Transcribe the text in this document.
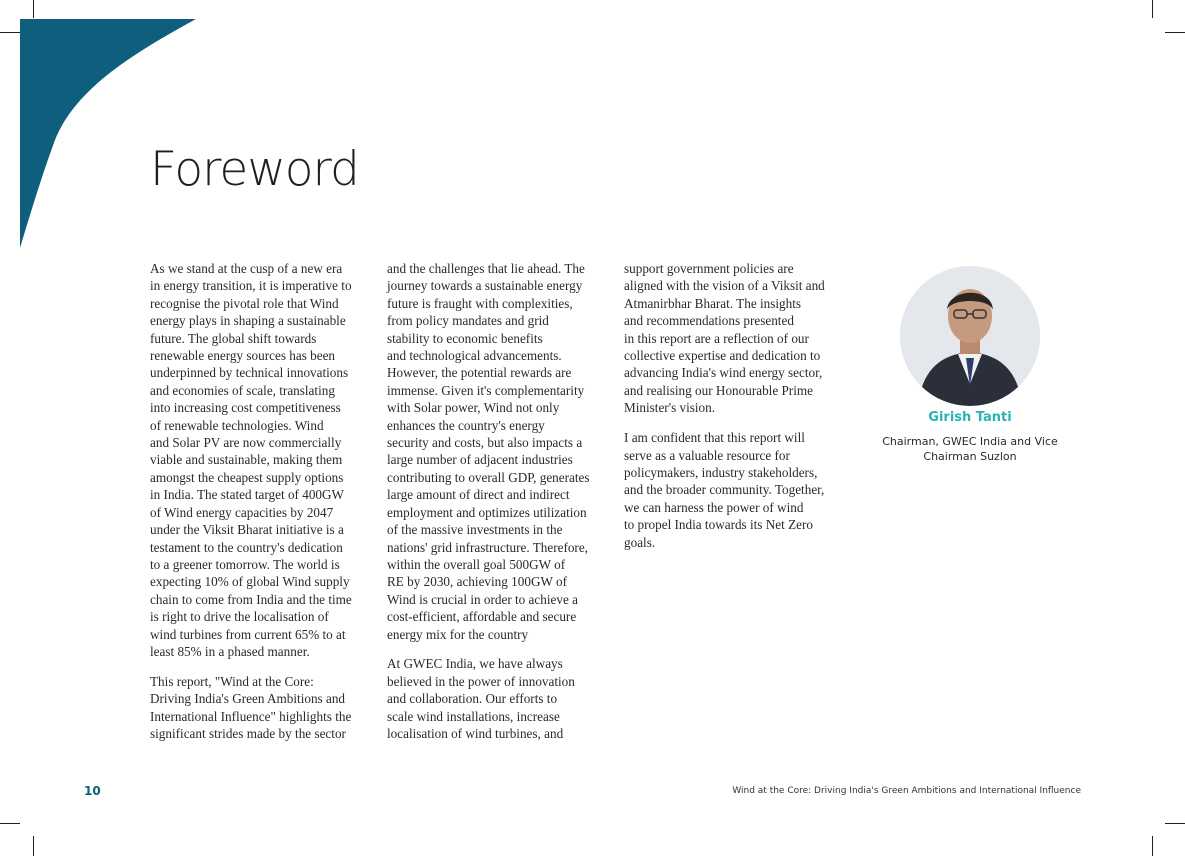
Foreword

As we stand at the cusp of a new era
in energy transition, it is imperative to
recognise the pivotal role that Wind
energy plays in shaping a sustainable
future. The global shift towards
renewable energy sources has been
underpinned by technical innovations
and economies of scale, translating
into increasing cost competitiveness
of renewable technologies. Wind
and Solar PV are now commercially
viable and sustainable, making them
amongst the cheapest supply options
in India. The stated target of 400GW
of Wind energy capacities by 2047
under the Viksit Bharat initiative is a
testament to the country's dedication
to a greener tomorrow. The world is
expecting 10% of global Wind supply
chain to come from India and the time
is right to drive the localisation of
wind turbines from current 65% to at
least 85% in a phased manner.

This report, "Wind at the Core:
Driving India's Green Ambitions and
International Influence" highlights the
significant strides made by the sector

and the challenges that lie ahead. The
journey towards a sustainable energy
future is fraught with complexities,
from policy mandates and grid
stability to economic benefits
and technological advancements.
However, the potential rewards are
immense. Given it's complementarity
with Solar power, Wind not only
enhances the country's energy
security and costs, but also impacts a
large number of adjacent industries
contributing to overall GDP, generates
large amount of direct and indirect
employment and optimizes utilization
of the massive investments in the
nations' grid infrastructure. Therefore,
within the overall goal 500GW of
RE by 2030, achieving 100GW of
Wind is crucial in order to achieve a
cost-efficient, affordable and secure
energy mix for the country

At GWEC India, we have always
believed in the power of innovation
and collaboration. Our efforts to
scale wind installations, increase
localisation of wind turbines, and

support government policies are
aligned with the vision of a Viksit and
Atmanirbhar Bharat. The insights
and recommendations presented
in this report are a reflection of our
collective expertise and dedication to
advancing India's wind energy sector,
and realising our Honourable Prime
Minister's vision.

I am confident that this report will
serve as a valuable resource for
policymakers, industry stakeholders,
and the broader community. Together,
we can harness the power of wind
to propel India towards its Net Zero
goals.

Girish Tanti
Chairman, GWEC India and Vice
Chairman Suzlon
10	Wind at the Core: Driving India's Green Ambitions and International Influence
